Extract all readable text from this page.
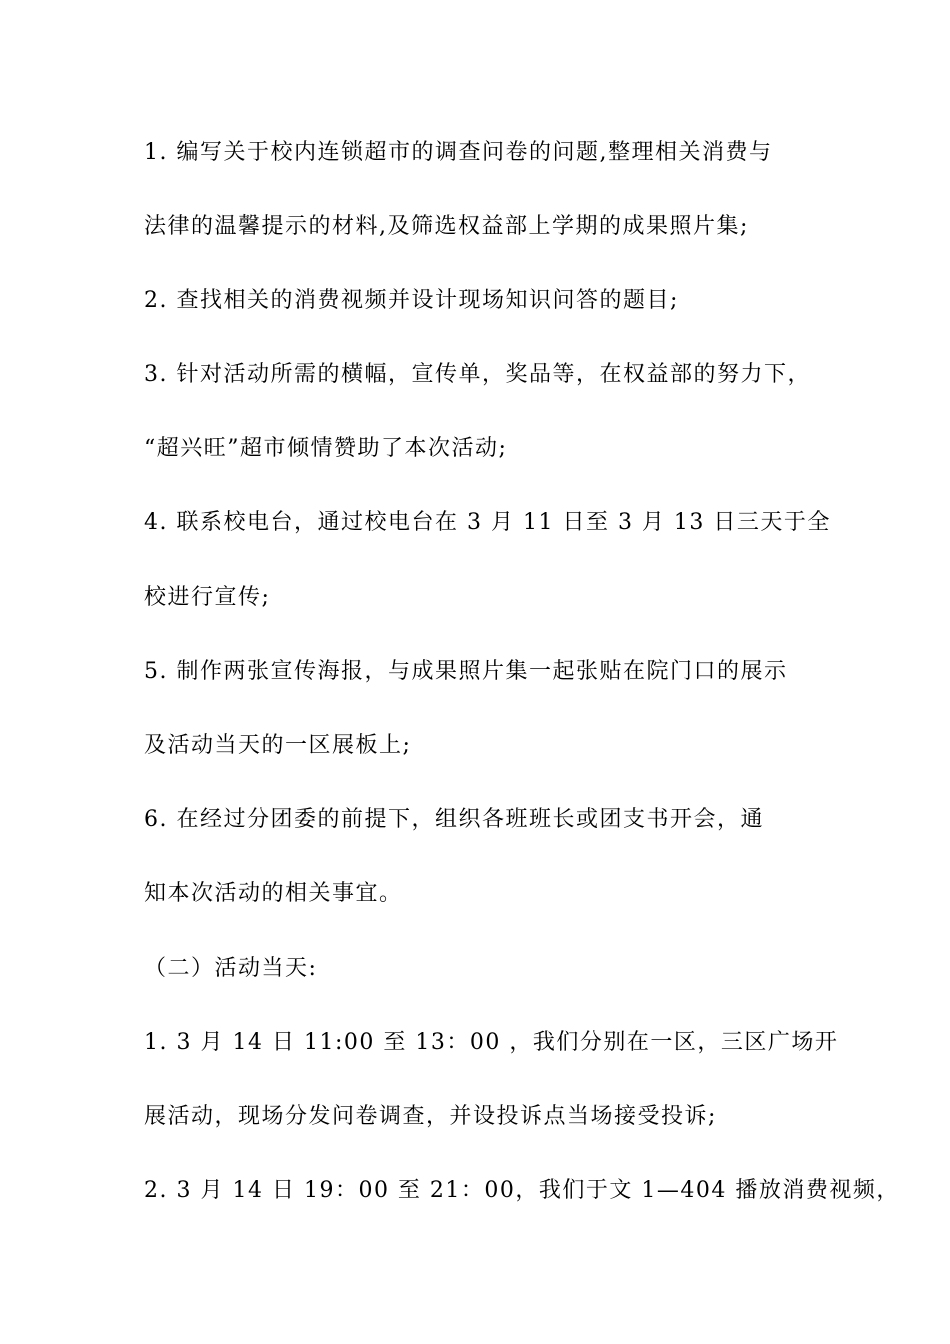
1. 编写关于校内连锁超市的调查问卷的问题,整理相关消费与
法律的温馨提示的材料,及筛选权益部上学期的成果照片集;
2. 查找相关的消费视频并设计现场知识问答的题目;
3. 针对活动所需的横幅，宣传单，奖品等，在权益部的努力下，
“超兴旺”超市倾情赞助了本次活动;
4. 联系校电台，通过校电台在 3 月 11 日至 3 月 13 日三天于全
校进行宣传;
5. 制作两张宣传海报，与成果照片集一起张贴在院门口的展示
及活动当天的一区展板上;
6. 在经过分团委的前提下，组织各班班长或团支书开会，通
知本次活动的相关事宜。
（二）活动当天:
1. 3 月 14 日 11:00 至 13：00 ，我们分别在一区，三区广场开
展活动，现场分发问卷调查，并设投诉点当场接受投诉;
2. 3 月 14 日 19：00 至 21：00，我们于文 1—404 播放消费视频，
